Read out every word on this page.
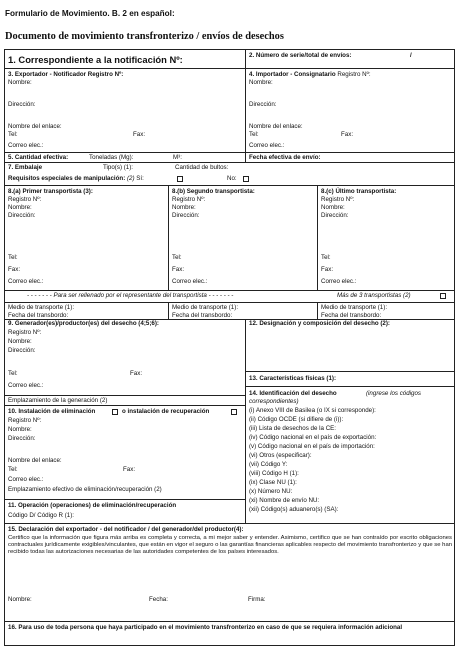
Formulario de Movimiento. B. 2 en español:
Documento de movimiento transfronterizo / envíos de desechos
1. Correspondiente a la notificación Nº:	2. Número de serie/total de envíos:	/
3. Exportador - Notificador Registro Nº:
Nombre:
Dirección:
Nombre del enlace:
Tel:	Fax:
Correo elec.:
4. Importador - Consignatario Registro Nº:
Nombre:
Dirección:
Nombre del enlace:
Tel:	Fax:
Correo elec.:
5. Cantidad efectiva:	Toneladas (Mg):	M³:	Fecha efectiva de envío:
7. Embalaje	Tipo(s) (1):	Cantidad de bultos:
Requisitos especiales de manipulación: (2) Sí:	No:
8.(a) Primer transportista (3):
Registro Nº:
Nombre:
Dirección:
Tel:
Fax:
Correo elec.:
8.(b) Segundo transportista:
Registro Nº:
Nombre:
Dirección:
Tel:
Fax:
Correo elec.:
8.(c) Último transportista:
Registro Nº:
Nombre:
Dirección:
Tel:
Fax:
Correo elec.:
- - - - - - - Para ser rellenado por el representante del transportista - - - - - - -	Más de 3 transportistas (2)
Medio de transporte (1):
Fecha del transbordo:
Medio de transporte (1):
Fecha del transbordo:
Medio de transporte (1):
Fecha del transbordo:
9. Generador(es)/productor(es) del desecho (4;5;6):
Registro Nº:
Nombre:
Dirección:
Tel:	Fax:
Correo elec.:
Emplazamiento de la generación (2)
12. Designación y composición del desecho (2):
13. Características físicas (1):
14. Identificación del desecho	(ingrese los códigos
correspondientes)
(i) Anexo VIII de Basilea (o IX si corresponde):
(ii) Código OCDE (si difiere de (i)):
(iii) Lista de desechos de la CE:
(iv) Código nacional en el país de exportación:
(v) Código nacional en el país de importación:
(vi) Otros (especificar):
(vii) Código Y:
(viii) Código H (1):
(ix) Clase NU (1):
(x) Número NU:
(xi) Nombre de envío NU:
(xii) Código(s) aduanero(s) (SA):
10. Instalación de eliminación	o instalación de recuperación
Registro Nº:
Nombre:
Dirección:
Nombre del enlace:
Tel:	Fax:
Correo elec.:
Emplazamiento efectivo de eliminación/recuperación (2)
11. Operación (operaciones) de eliminación/recuperación
Código D/ Código R (1):
15. Declaración del exportador - del notificador / del generador/del productor(4):
Certifico que la información que figura más arriba es completa y correcta, a mi mejor saber y entender. Asimismo, certifico que se han contraído por escrito obligaciones contractuales jurídicamente exigibles/vinculantes, que están en vigor el seguro o las garantías financieras aplicables respecto del movimiento transfronterizo y que se han recibido todas las autorizaciones necesarias de las autoridades competentes de los países interesados.
Nombre:	Fecha:	Firma:
16. Para uso de toda persona que haya participado en el movimiento transfronterizo en caso de que se requiera información adicional
